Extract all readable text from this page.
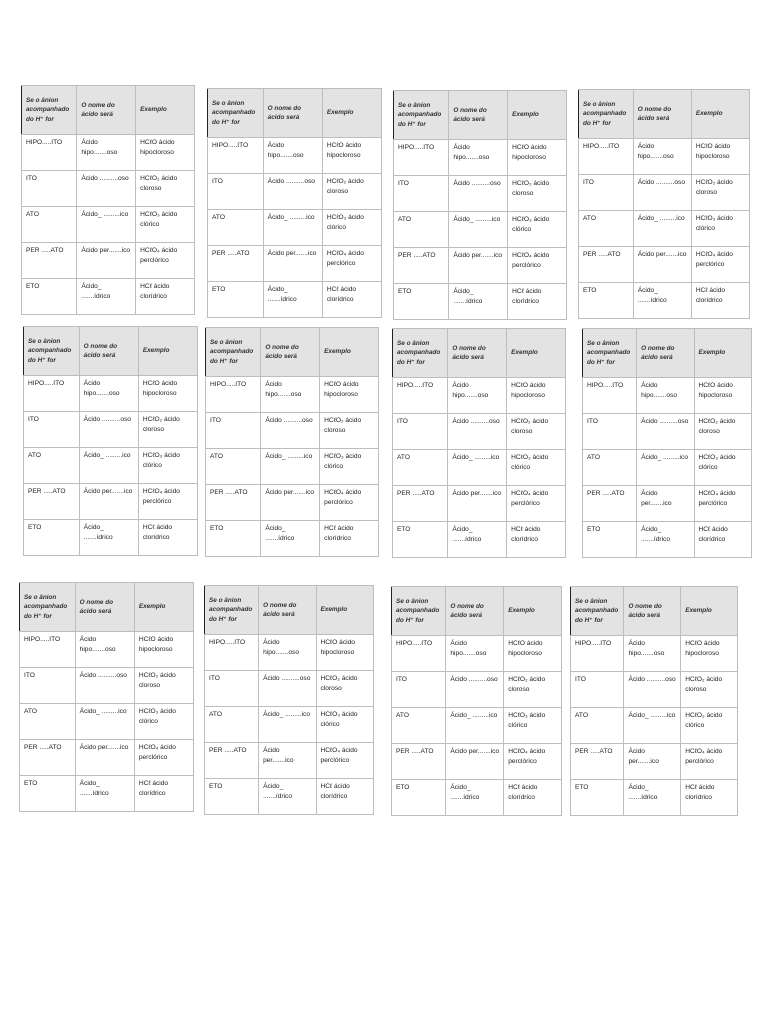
Se o ânion acompanhado do H⁺ for	O nome do ácido será	Exemplo
HIPO.....ITO	Ácido hipo.......oso	HCℓO ácido hipocloroso
ITO	Ácido ..........oso	HCℓO₂ ácido cloroso
ATO	Ácido_ .........ico	HCℓO₃ ácido clórico
PER .....ATO	Ácido per.......ico	HCℓO₄ ácido perclórico
ETO	Ácido_ .......ídrico	HCℓ ácido clorídrico
Se o ânion acompanhado do H⁺ for	O nome do ácido será	Exemplo
HIPO.....ITO	Ácido hipo.......oso	HCℓO ácido hipocloroso
ITO	Ácido ..........oso	HCℓO₂ ácido cloroso
ATO	Ácido_ .........ico	HCℓO₃ ácido clórico
PER .....ATO	Ácido per.......ico	HCℓO₄ ácido perclórico
ETO	Ácido_ .......ídrico	HCℓ ácido clorídrico
Se o ânion acompanhado do H⁺ for	O nome do ácido será	Exemplo
HIPO.....ITO	Ácido hipo.......oso	HCℓO ácido hipocloroso
ITO	Ácido ..........oso	HCℓO₂ ácido cloroso
ATO	Ácido_ .........ico	HCℓO₃ ácido clórico
PER .....ATO	Ácido per.......ico	HCℓO₄ ácido perclórico
ETO	Ácido_ .......ídrico	HCℓ ácido clorídrico
Se o ânion acompanhado do H⁺ for	O nome do ácido será	Exemplo
HIPO.....ITO	Ácido hipo.......oso	HCℓO ácido hipocloroso
ITO	Ácido ..........oso	HCℓO₂ ácido cloroso
ATO	Ácido_ .........ico	HCℓO₃ ácido clórico
PER .....ATO	Ácido per.......ico	HCℓO₄ ácido perclórico
ETO	Ácido_ .......ídrico	HCℓ ácido clorídrico
Se o ânion acompanhado do H⁺ for	O nome do ácido será	Exemplo
HIPO.....ITO	Ácido hipo.......oso	HCℓO ácido hipocloroso
ITO	Ácido ..........oso	HCℓO₂ ácido cloroso
ATO	Ácido_ .........ico	HCℓO₃ ácido clórico
PER .....ATO	Ácido per.......ico	HCℓO₄ ácido perclórico
ETO	Ácido_ .......ídrico	HCℓ ácido clorídrico
Se o ânion acompanhado do H⁺ for	O nome do ácido será	Exemplo
HIPO.....ITO	Ácido hipo.......oso	HCℓO ácido hipocloroso
ITO	Ácido ..........oso	HCℓO₂ ácido cloroso
ATO	Ácido_ .........ico	HCℓO₃ ácido clórico
PER .....ATO	Ácido per.......ico	HCℓO₄ ácido perclórico
ETO	Ácido_ .......ídrico	HCℓ ácido clorídrico
Se o ânion acompanhado do H⁺ for	O nome do ácido será	Exemplo
HIPO.....ITO	Ácido hipo.......oso	HCℓO ácido hipocloroso
ITO	Ácido ..........oso	HCℓO₂ ácido cloroso
ATO	Ácido_ .........ico	HCℓO₃ ácido clórico
PER .....ATO	Ácido per.......ico	HCℓO₄ ácido perclórico
ETO	Ácido_ .......ídrico	HCℓ ácido clorídrico
Se o ânion acompanhado do H⁺ for	O nome do ácido será	Exemplo
HIPO.....ITO	Ácido hipo.......oso	HCℓO ácido hipocloroso
ITO	Ácido ..........oso	HCℓO₂ ácido cloroso
ATO	Ácido_ .........ico	HCℓO₃ ácido clórico
PER .....ATO	Ácido per.......ico	HCℓO₄ ácido perclórico
ETO	Ácido_ .......ídrico	HCℓ ácido clorídrico
Se o ânion acompanhado do H⁺ for	O nome do ácido será	Exemplo
HIPO.....ITO	Ácido hipo.......oso	HCℓO ácido hipocloroso
ITO	Ácido ..........oso	HCℓO₂ ácido cloroso
ATO	Ácido_ .........ico	HCℓO₃ ácido clórico
PER .....ATO	Ácido per.......ico	HCℓO₄ ácido perclórico
ETO	Ácido_ .......ídrico	HCℓ ácido clorídrico
Se o ânion acompanhado do H⁺ for	O nome do ácido será	Exemplo
HIPO.....ITO	Ácido hipo.......oso	HCℓO ácido hipocloroso
ITO	Ácido ..........oso	HCℓO₂ ácido cloroso
ATO	Ácido_ .........ico	HCℓO₃ ácido clórico
PER .....ATO	Ácido per.......ico	HCℓO₄ ácido perclórico
ETO	Ácido_ .......ídrico	HCℓ ácido clorídrico
Se o ânion acompanhado do H⁺ for	O nome do ácido será	Exemplo
HIPO.....ITO	Ácido hipo.......oso	HCℓO ácido hipocloroso
ITO	Ácido ..........oso	HCℓO₂ ácido cloroso
ATO	Ácido_ .........ico	HCℓO₃ ácido clórico
PER .....ATO	Ácido per.......ico	HCℓO₄ ácido perclórico
ETO	Ácido_ .......ídrico	HCℓ ácido clorídrico
Se o ânion acompanhado do H⁺ for	O nome do ácido será	Exemplo
HIPO.....ITO	Ácido hipo.......oso	HCℓO ácido hipocloroso
ITO	Ácido ..........oso	HCℓO₂ ácido cloroso
ATO	Ácido_ .........ico	HCℓO₃ ácido clórico
PER .....ATO	Ácido per.......ico	HCℓO₄ ácido perclórico
ETO	Ácido_ .......ídrico	HCℓ ácido clorídrico
